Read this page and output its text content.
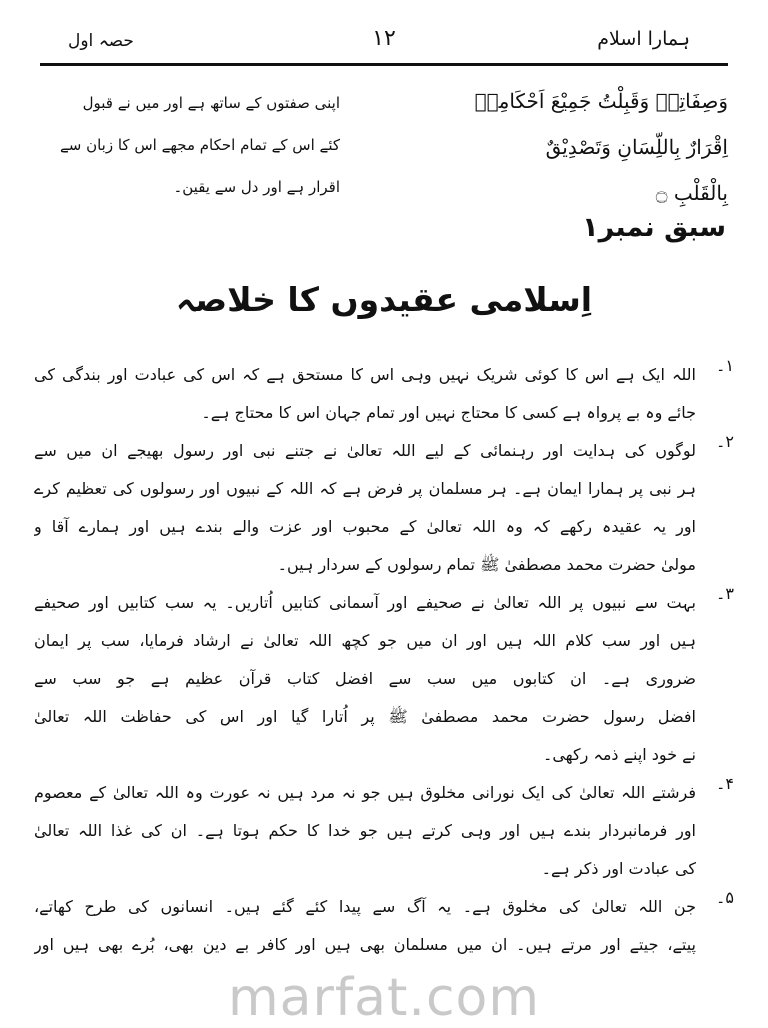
حصہ اول	۱۲	ہمارا اسلام
وَصِفَاتِهٖ وَقَبِلْتُ جَمِيْعَ اَحْكَامِهٖ
اِقْرَارٌ بِاللِّسَانِ وَتَصْدِيْقٌ
بِالْقَلْبِ ۝
اپنی صفتوں کے ساتھ ہے اور میں نے قبول
کئے اس کے تمام احکام مجھے اس کا زبان سے
اقرار ہے اور دل سے یقین۔
سبق نمبر۱
اِسلامی عقیدوں کا خلاصہ
۱۔
اللہ ایک ہے اس کا کوئی شریک نہیں وہی اس کا مستحق ہے کہ اس کی عبادت اور بندگی کی
جائے وہ بے پرواہ ہے کسی کا محتاج نہیں اور تمام جہان اس کا محتاج ہے۔
۲۔
لوگوں کی ہدایت اور رہنمائی کے لیے اللہ تعالیٰ نے جتنے نبی اور رسول بھیجے ان میں سے
ہر نبی پر ہمارا ایمان ہے۔ ہر مسلمان پر فرض ہے کہ اللہ کے نبیوں اور رسولوں کی تعظیم کرے
اور یہ عقیدہ رکھے کہ وہ اللہ تعالیٰ کے محبوب اور عزت والے بندے ہیں اور ہمارے آقا و
مولیٰ حضرت محمد مصطفیٰ ﷺ تمام رسولوں کے سردار ہیں۔
۳۔
بہت سے نبیوں پر اللہ تعالیٰ نے صحیفے اور آسمانی کتابیں اُتاریں۔ یہ سب کتابیں اور صحیفے
ہیں اور سب کلام اللہ ہیں اور ان میں جو کچھ اللہ تعالیٰ نے ارشاد فرمایا، سب پر ایمان
ضروری ہے۔ ان کتابوں میں سب سے افضل کتاب قرآن عظیم ہے جو سب سے
افضل رسول حضرت محمد مصطفیٰ ﷺ پر اُتارا گیا اور اس کی حفاظت اللہ تعالیٰ
نے خود اپنے ذمہ رکھی۔
۴۔
فرشتے اللہ تعالیٰ کی ایک نورانی مخلوق ہیں جو نہ مرد ہیں نہ عورت وہ اللہ تعالیٰ کے معصوم
اور فرمانبردار بندے ہیں اور وہی کرتے ہیں جو خدا کا حکم ہوتا ہے۔ ان کی غذا اللہ تعالیٰ
کی عبادت اور ذکر ہے۔
۵۔
جن اللہ تعالیٰ کی مخلوق ہے۔ یہ آگ سے پیدا کئے گئے ہیں۔ انسانوں کی طرح کھاتے،
پیتے، جیتے اور مرتے ہیں۔ ان میں مسلمان بھی ہیں اور کافر بے دین بھی، بُرے بھی ہیں اور
marfat.com
